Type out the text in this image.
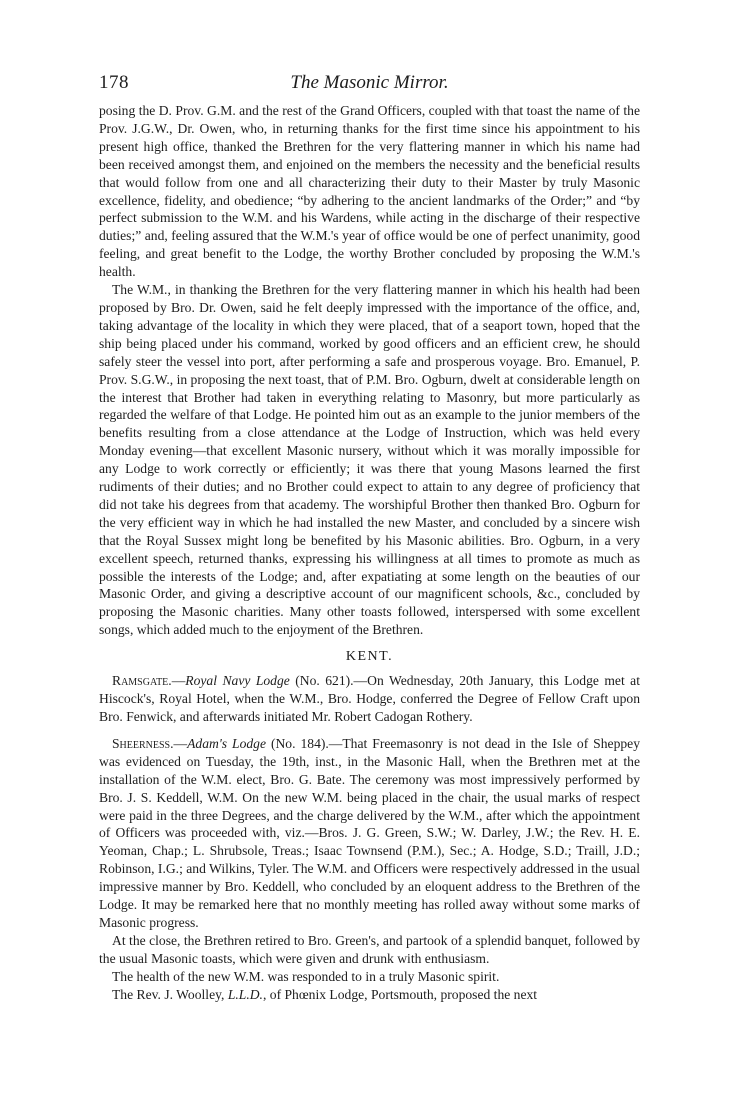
178	The Masonic Mirror.

posing the D. Prov. G.M. and the rest of the Grand Officers, coupled with that toast the name of the Prov. J.G.W., Dr. Owen, who, in returning thanks for the first time since his appointment to his present high office, thanked the Brethren for the very flattering manner in which his name had been received amongst them, and enjoined on the members the necessity and the beneficial results that would follow from one and all characterizing their duty to their Master by truly Masonic excellence, fidelity, and obedience; “by adhering to the ancient landmarks of the Order;” and “by perfect submission to the W.M. and his Wardens, while acting in the discharge of their respective duties;” and, feeling assured that the W.M.'s year of office would be one of perfect unanimity, good feeling, and great benefit to the Lodge, the worthy Brother concluded by proposing the W.M.'s health.

The W.M., in thanking the Brethren for the very flattering manner in which his health had been proposed by Bro. Dr. Owen, said he felt deeply impressed with the importance of the office, and, taking advantage of the locality in which they were placed, that of a seaport town, hoped that the ship being placed under his command, worked by good officers and an efficient crew, he should safely steer the vessel into port, after performing a safe and prosperous voyage. Bro. Emanuel, P. Prov. S.G.W., in proposing the next toast, that of P.M. Bro. Ogburn, dwelt at considerable length on the interest that Brother had taken in everything relating to Masonry, but more particularly as regarded the welfare of that Lodge. He pointed him out as an example to the junior members of the benefits resulting from a close attendance at the Lodge of Instruction, which was held every Monday evening—that excellent Masonic nursery, without which it was morally impossible for any Lodge to work correctly or efficiently; it was there that young Masons learned the first rudiments of their duties; and no Brother could expect to attain to any degree of proficiency that did not take his degrees from that academy. The worshipful Brother then thanked Bro. Ogburn for the very efficient way in which he had installed the new Master, and concluded by a sincere wish that the Royal Sussex might long be benefited by his Masonic abilities. Bro. Ogburn, in a very excellent speech, returned thanks, expressing his willingness at all times to promote as much as possible the interests of the Lodge; and, after expatiating at some length on the beauties of our Masonic Order, and giving a descriptive account of our magnificent schools, &c., concluded by proposing the Masonic charities. Many other toasts followed, interspersed with some excellent songs, which added much to the enjoyment of the Brethren.

KENT.

Ramsgate.—Royal Navy Lodge (No. 621).—On Wednesday, 20th January, this Lodge met at Hiscock's, Royal Hotel, when the W.M., Bro. Hodge, conferred the Degree of Fellow Craft upon Bro. Fenwick, and afterwards initiated Mr. Robert Cadogan Rothery.

Sheerness.—Adam's Lodge (No. 184).—That Freemasonry is not dead in the Isle of Sheppey was evidenced on Tuesday, the 19th, inst., in the Masonic Hall, when the Brethren met at the installation of the W.M. elect, Bro. G. Bate. The ceremony was most impressively performed by Bro. J. S. Keddell, W.M. On the new W.M. being placed in the chair, the usual marks of respect were paid in the three Degrees, and the charge delivered by the W.M., after which the appointment of Officers was proceeded with, viz.—Bros. J. G. Green, S.W.; W. Darley, J.W.; the Rev. H. E. Yeoman, Chap.; L. Shrubsole, Treas.; Isaac Townsend (P.M.), Sec.; A. Hodge, S.D.; Traill, J.D.; Robinson, I.G.; and Wilkins, Tyler. The W.M. and Officers were respectively addressed in the usual impressive manner by Bro. Keddell, who concluded by an eloquent address to the Brethren of the Lodge. It may be remarked here that no monthly meeting has rolled away without some marks of Masonic progress.

At the close, the Brethren retired to Bro. Green's, and partook of a splendid banquet, followed by the usual Masonic toasts, which were given and drunk with enthusiasm.

The health of the new W.M. was responded to in a truly Masonic spirit.

The Rev. J. Woolley, L.L.D., of Phœnix Lodge, Portsmouth, proposed the next
